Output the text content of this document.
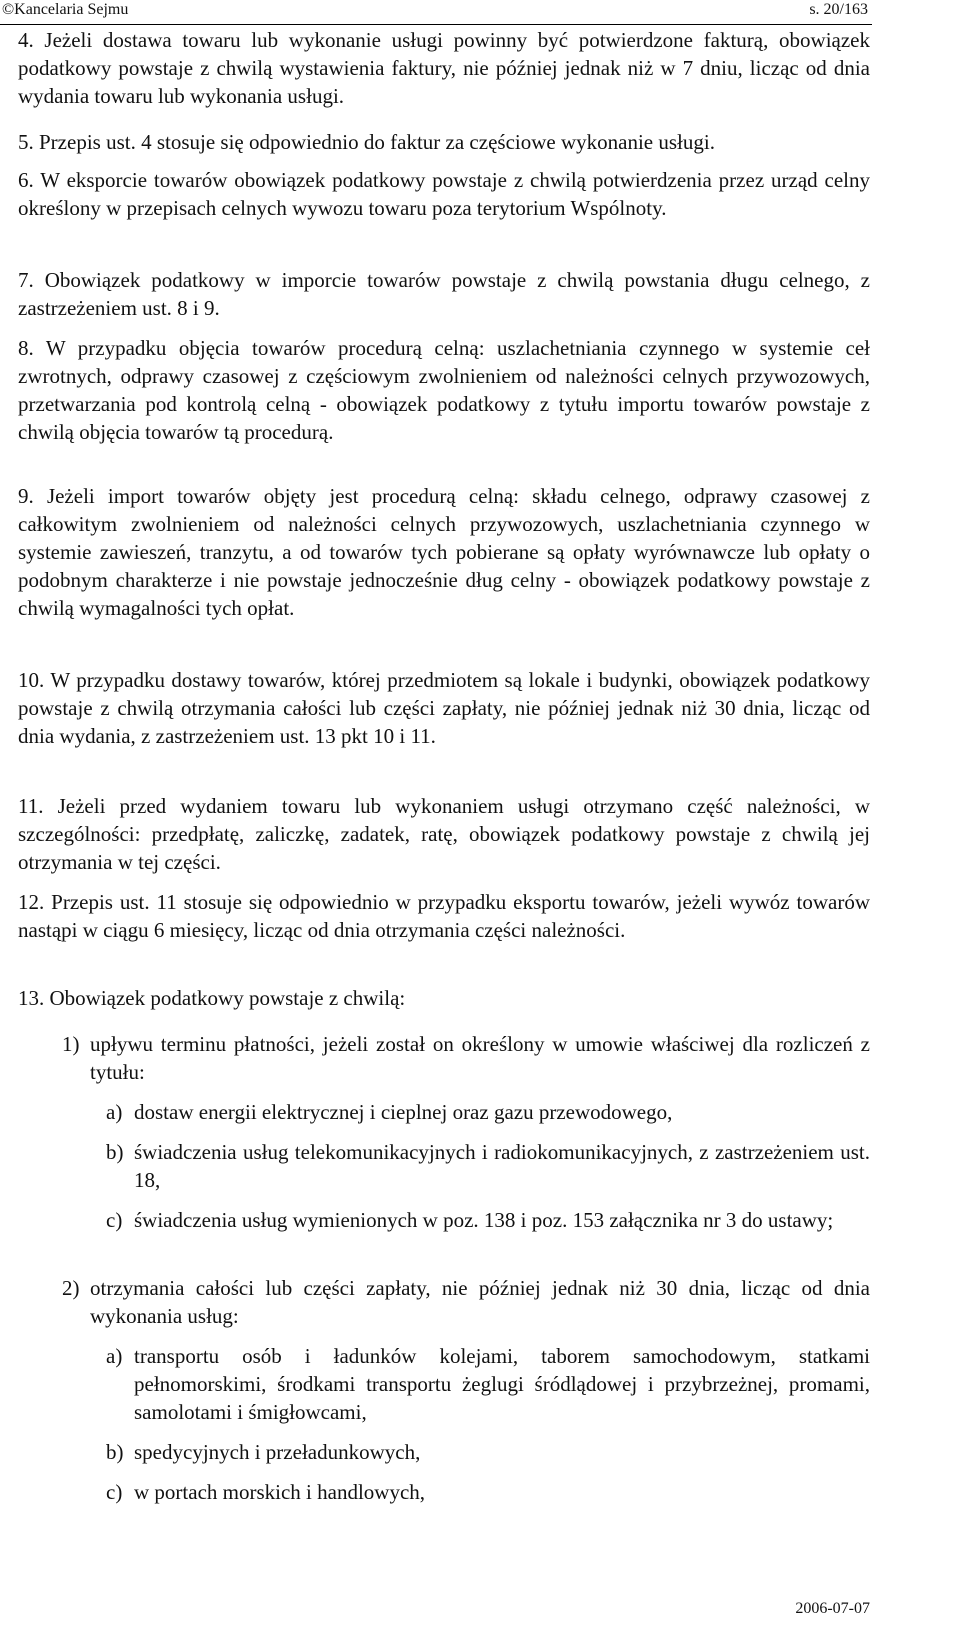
©Kancelaria Sejmu	s. 20/163

4. Jeżeli dostawa towaru lub wykonanie usługi powinny być potwierdzone fakturą, obowiązek podatkowy powstaje z chwilą wystawienia faktury, nie później jednak niż w 7 dniu, licząc od dnia wydania towaru lub wykonania usługi.

5. Przepis ust. 4 stosuje się odpowiednio do faktur za częściowe wykonanie usługi.

6. W eksporcie towarów obowiązek podatkowy powstaje z chwilą potwierdzenia przez urząd celny określony w przepisach celnych wywozu towaru poza terytorium Wspólnoty.

7. Obowiązek podatkowy w imporcie towarów powstaje z chwilą powstania długu celnego, z zastrzeżeniem ust. 8 i 9.

8. W przypadku objęcia towarów procedurą celną: uszlachetniania czynnego w systemie ceł zwrotnych, odprawy czasowej z częściowym zwolnieniem od należności celnych przywozowych, przetwarzania pod kontrolą celną - obowiązek podatkowy z tytułu importu towarów powstaje z chwilą objęcia towarów tą procedurą.

9. Jeżeli import towarów objęty jest procedurą celną: składu celnego, odprawy czasowej z całkowitym zwolnieniem od należności celnych przywozowych, uszlachetniania czynnego w systemie zawieszeń, tranzytu, a od towarów tych pobierane są opłaty wyrównawcze lub opłaty o podobnym charakterze i nie powstaje jednocześnie dług celny - obowiązek podatkowy powstaje z chwilą wymagalności tych opłat.

10. W przypadku dostawy towarów, której przedmiotem są lokale i budynki, obowiązek podatkowy powstaje z chwilą otrzymania całości lub części zapłaty, nie później jednak niż 30 dnia, licząc od dnia wydania, z zastrzeżeniem ust. 13 pkt 10 i 11.

11. Jeżeli przed wydaniem towaru lub wykonaniem usługi otrzymano część należności, w szczególności: przedpłatę, zaliczkę, zadatek, ratę, obowiązek podatkowy powstaje z chwilą jej otrzymania w tej części.

12. Przepis ust. 11 stosuje się odpowiednio w przypadku eksportu towarów, jeżeli wywóz towarów nastąpi w ciągu 6 miesięcy, licząc od dnia otrzymania części należności.

13. Obowiązek podatkowy powstaje z chwilą:

1) upływu terminu płatności, jeżeli został on określony w umowie właściwej dla rozliczeń z tytułu:
a) dostaw energii elektrycznej i cieplnej oraz gazu przewodowego,
b) świadczenia usług telekomunikacyjnych i radiokomunikacyjnych, z zastrzeżeniem ust. 18,
c) świadczenia usług wymienionych w poz. 138 i poz. 153 załącznika nr 3 do ustawy;
2) otrzymania całości lub części zapłaty, nie później jednak niż 30 dnia, licząc od dnia wykonania usług:
a) transportu osób i ładunków kolejami, taborem samochodowym, statkami pełnomorskimi, środkami transportu żeglugi śródlądowej i przybrzeżnej, promami, samolotami i śmigłowcami,
b) spedycyjnych i przeładunkowych,
c) w portach morskich i handlowych,
2006-07-07
